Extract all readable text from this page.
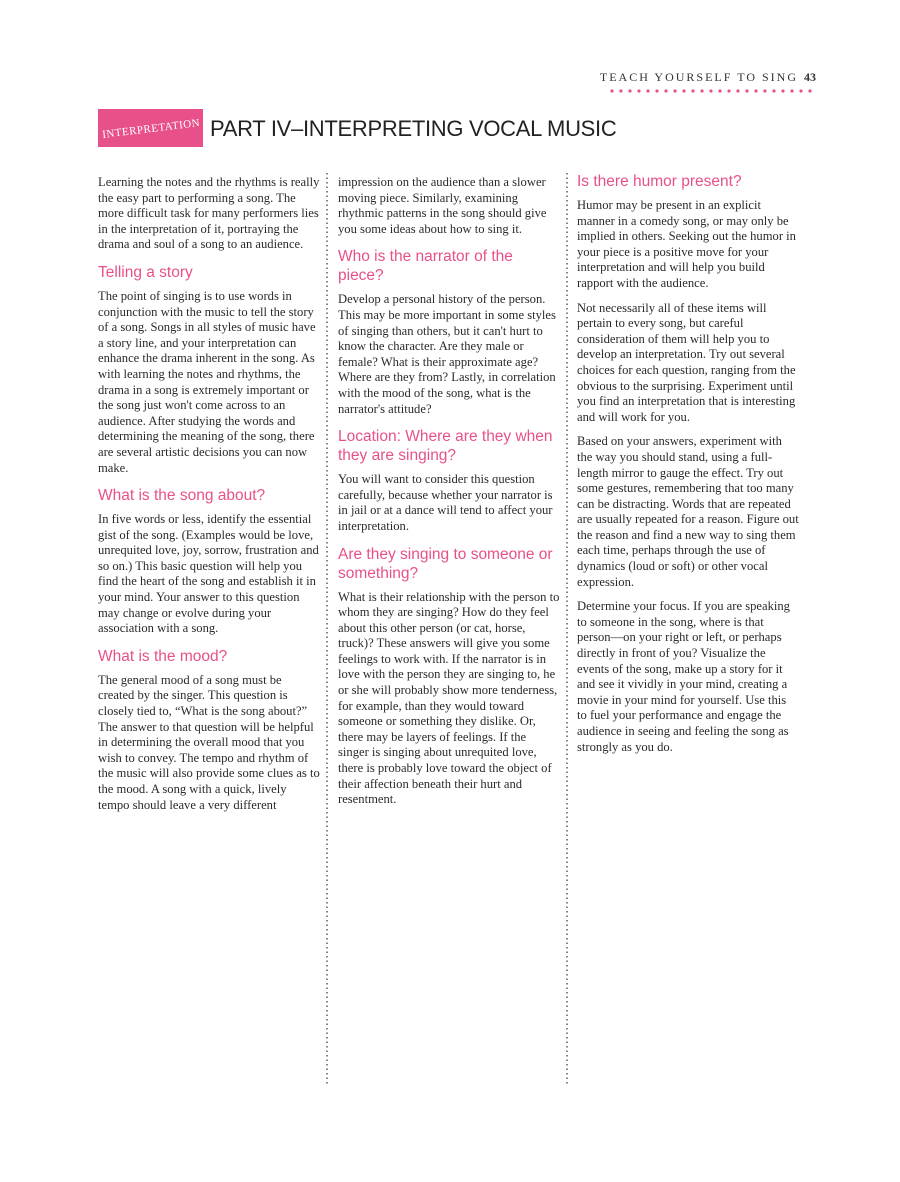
TEACH YOURSELF TO SING 43
INTERPRETATION PART IV–INTERPRETING VOCAL MUSIC

Learning the notes and the rhythms is really the easy part to performing a song. The more difficult task for many performers lies in the interpretation of it, portraying the drama and soul of a song to an audience.

Telling a story

The point of singing is to use words in conjunction with the music to tell the story of a song. Songs in all styles of music have a story line, and your interpretation can enhance the drama inherent in the song. As with learning the notes and rhythms, the drama in a song is extremely important or the song just won't come across to an audience. After studying the words and determining the meaning of the song, there are several artistic decisions you can now make.

What is the song about?

In five words or less, identify the essential gist of the song. (Examples would be love, unrequited love, joy, sorrow, frustration and so on.) This basic question will help you find the heart of the song and establish it in your mind. Your answer to this question may change or evolve during your association with a song.

What is the mood?

The general mood of a song must be created by the singer. This question is closely tied to, “What is the song about?” The answer to that question will be helpful in determining the overall mood that you wish to convey. The tempo and rhythm of the music will also provide some clues as to the mood. A song with a quick, lively tempo should leave a very different

impression on the audience than a slower moving piece. Similarly, examining rhythmic patterns in the song should give you some ideas about how to sing it.

Who is the narrator of the piece?

Develop a personal history of the person. This may be more important in some styles of singing than others, but it can't hurt to know the character. Are they male or female? What is their approximate age? Where are they from? Lastly, in correlation with the mood of the song, what is the narrator's attitude?

Location: Where are they when they are singing?

You will want to consider this question carefully, because whether your narrator is in jail or at a dance will tend to affect your interpretation.

Are they singing to someone or something?

What is their relationship with the person to whom they are singing? How do they feel about this other person (or cat, horse, truck)? These answers will give you some feelings to work with. If the narrator is in love with the person they are singing to, he or she will probably show more tenderness, for example, than they would toward someone or something they dislike. Or, there may be layers of feelings. If the singer is singing about unrequited love, there is probably love toward the object of their affection beneath their hurt and resentment.

Is there humor present?

Humor may be present in an explicit manner in a comedy song, or may only be implied in others. Seeking out the humor in your piece is a positive move for your interpretation and will help you build rapport with the audience.

Not necessarily all of these items will pertain to every song, but careful consideration of them will help you to develop an interpretation. Try out several choices for each question, ranging from the obvious to the surprising. Experiment until you find an interpretation that is interesting and will work for you.

Based on your answers, experiment with the way you should stand, using a full-length mirror to gauge the effect. Try out some gestures, remembering that too many can be distracting. Words that are repeated are usually repeated for a reason. Figure out the reason and find a new way to sing them each time, perhaps through the use of dynamics (loud or soft) or other vocal expression.

Determine your focus. If you are speaking to someone in the song, where is that person—on your right or left, or perhaps directly in front of you? Visualize the events of the song, make up a story for it and see it vividly in your mind, creating a movie in your mind for yourself. Use this to fuel your performance and engage the audience in seeing and feeling the song as strongly as you do.
